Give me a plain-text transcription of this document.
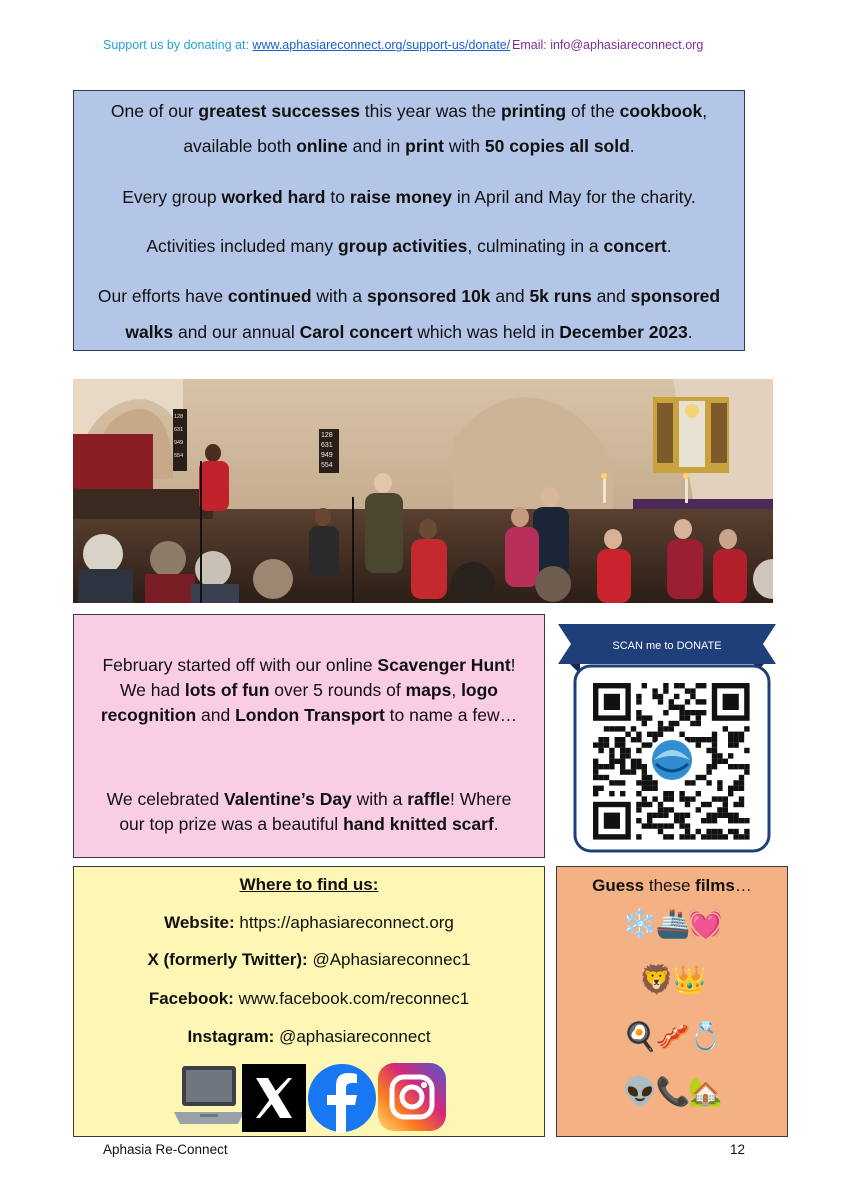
Support us by donating at: www.aphasiareconnect.org/support-us/donate/ Email: info@aphasiareconnect.org

One of our greatest successes this year was the printing of the cookbook,

available both online and in print with 50 copies all sold.

Every group worked hard to raise money in April and May for the charity.

Activities included many group activities, culminating in a concert.

Our efforts have continued with a sponsored 10k and 5k runs and sponsored

walks and our annual Carol concert which was held in December 2023.

128
631
949
554
128
631
949
554

February started off with our online Scavenger Hunt!

We had lots of fun over 5 rounds of maps, logo

recognition and London Transport to name a few…

We celebrated Valentine’s Day with a raffle! Where

our top prize was a beautiful hand knitted scarf.

SCAN me to DONATE
Where to find us:
Website: https://aphasiareconnect.org
X (formerly Twitter): @Aphasiareconnec1
Facebook: www.facebook.com/reconnec1
Instagram: @aphasiareconnect
Guess these films…
❄️🚢💓
🦁👑
🍳🥓💍
👽📞🏡
Aphasia Re-Connect	12
